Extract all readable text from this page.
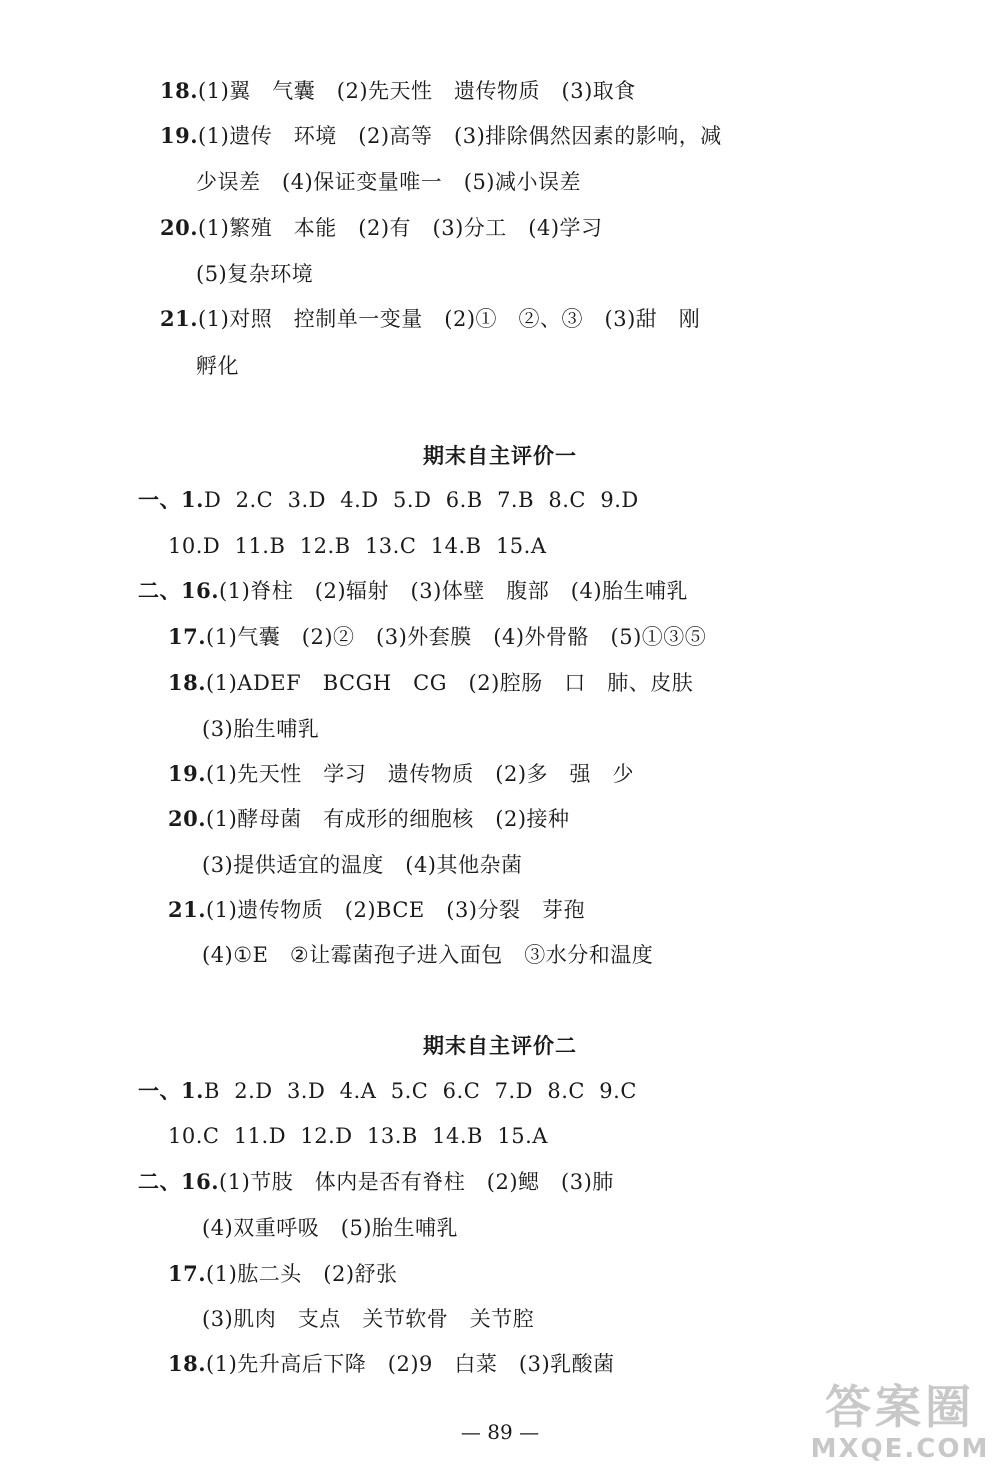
18.(1)翼　气囊　(2)先天性　遗传物质　(3)取食
19.(1)遗传　环境　(2)高等　(3)排除偶然因素的影响，减
少误差　(4)保证变量唯一　(5)减小误差
20.(1)繁殖　本能　(2)有　(3)分工　(4)学习
(5)复杂环境
21.(1)对照　控制单一变量　(2)①　②、③　(3)甜　刚
孵化
期末自主评价一
一、1.D  2.C  3.D  4.D  5.D  6.B  7.B  8.C  9.D
10.D  11.B  12.B  13.C  14.B  15.A
二、16.(1)脊柱　(2)辐射　(3)体壁　腹部　(4)胎生哺乳
17.(1)气囊　(2)②　(3)外套膜　(4)外骨骼　(5)①③⑤
18.(1)ADEF　BCGH　CG　(2)腔肠　口　肺、皮肤
(3)胎生哺乳
19.(1)先天性　学习　遗传物质　(2)多　强　少
20.(1)酵母菌　有成形的细胞核　(2)接种
(3)提供适宜的温度　(4)其他杂菌
21.(1)遗传物质　(2)BCE　(3)分裂　芽孢
(4)①E　②让霉菌孢子进入面包　③水分和温度
期末自主评价二
一、1.B  2.D  3.D  4.A  5.C  6.C  7.D  8.C  9.C
10.C  11.D  12.D  13.B  14.B  15.A
二、16.(1)节肢　体内是否有脊柱　(2)鳃　(3)肺
(4)双重呼吸　(5)胎生哺乳
17.(1)肱二头　(2)舒张
(3)肌肉　支点　关节软骨　关节腔
18.(1)先升高后下降　(2)9　白菜　(3)乳酸菌
— 89 —	答案圈
MXQE.COM
